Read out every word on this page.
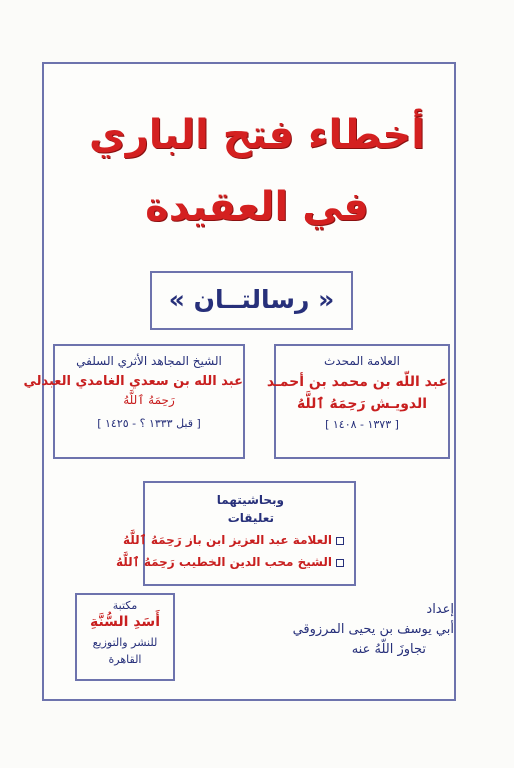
أخطاء فتح الباري
في العقيدة
« رسالتــان »
العلامة المحدث
عبد اللّه بن محمد بن أحمـد
الدويـش رَحِمَهُ ٱللَّهُ
[ ١٣٧٣ - ١٤٠٨ ]
الشيخ المجاهد الأثري السلفي
عبد الله بن سعدي الغامدي العبدلي
رَحِمَهُ ٱللَّهُ
[ قبل ١٣٣٣ ؟ - ١٤٢٥ ]
وبحاشيتهما
تعليقات
العلامة عبد العزيز ابن باز رَحِمَهُ ٱللَّهُ
الشيخ محب الدين الخطيب رَحِمَهُ ٱللَّهُ
إعداد
أبي يوسف بن يحيى المرزوقي
تجاوزَ اللّهُ عنه
مكتبة
أَسَدِ السُّنَّةِ
للنشر والتوزيع
القاهرة
